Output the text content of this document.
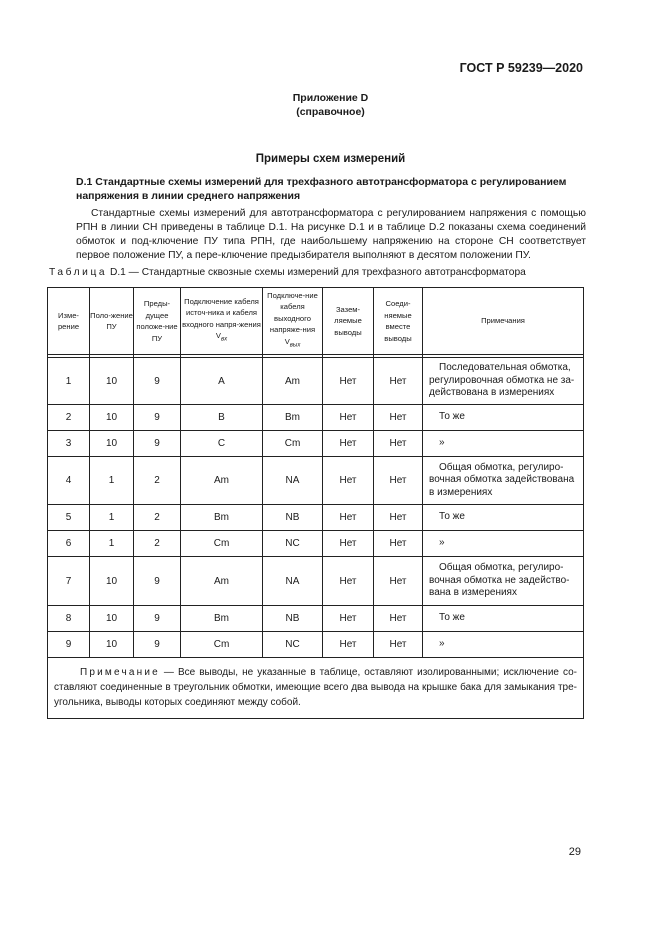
ГОСТ Р 59239—2020
Приложение D
(справочное)
Примеры схем измерений
D.1 Стандартные схемы измерений для трехфазного автотрансформатора с регулированием напряжения в линии среднего напряжения

Стандартные схемы измерений для автотрансформатора с регулированием напряжения с помощью РПН в линии СН приведены в таблице D.1. На рисунке D.1 и в таблице D.2 показаны схема соединений обмоток и под-ключение ПУ типа РПН, где наибольшему напряжению на стороне СН соответствует первое положение ПУ, а пере-ключение предызбирателя выполняют в десятом положении ПУ.

Таблица D.1 — Стандартные сквозные схемы измерений для трехфазного автотрансформатора
Изме-рение	Поло-жение ПУ	Преды-дущее положе-ние ПУ	Подключение кабеля источ-ника и кабеля входного напря-жения $V_{вх}$	Подключе-ние кабеля выходного напряже-ния $V_{вых}$	Зазем-ляемые выводы	Соеди-няемые вместе выводы	Примечания

1	10	9	A	Am	Нет	Нет	Последовательная обмотка, регулировочная обмотка не за-действована в измерениях
2	10	9	B	Bm	Нет	Нет	То же
3	10	9	C	Cm	Нет	Нет	»
4	1	2	Am	NA	Нет	Нет	Общая обмотка, регулиро-вочная обмотка задействована в измерениях
5	1	2	Bm	NB	Нет	Нет	То же
6	1	2	Cm	NC	Нет	Нет	»
7	10	9	Am	NA	Нет	Нет	Общая обмотка, регулиро-вочная обмотка не задейство-вана в измерениях
8	10	9	Bm	NB	Нет	Нет	То же
9	10	9	Cm	NC	Нет	Нет	»
Примечание — Все выводы, не указанные в таблице, оставляют изолированными; исключение со-ставляют соединенные в треугольник обмотки, имеющие всего два вывода на крышке бака для замыкания тре-угольника, выводы которых соединяют между собой.							
29
